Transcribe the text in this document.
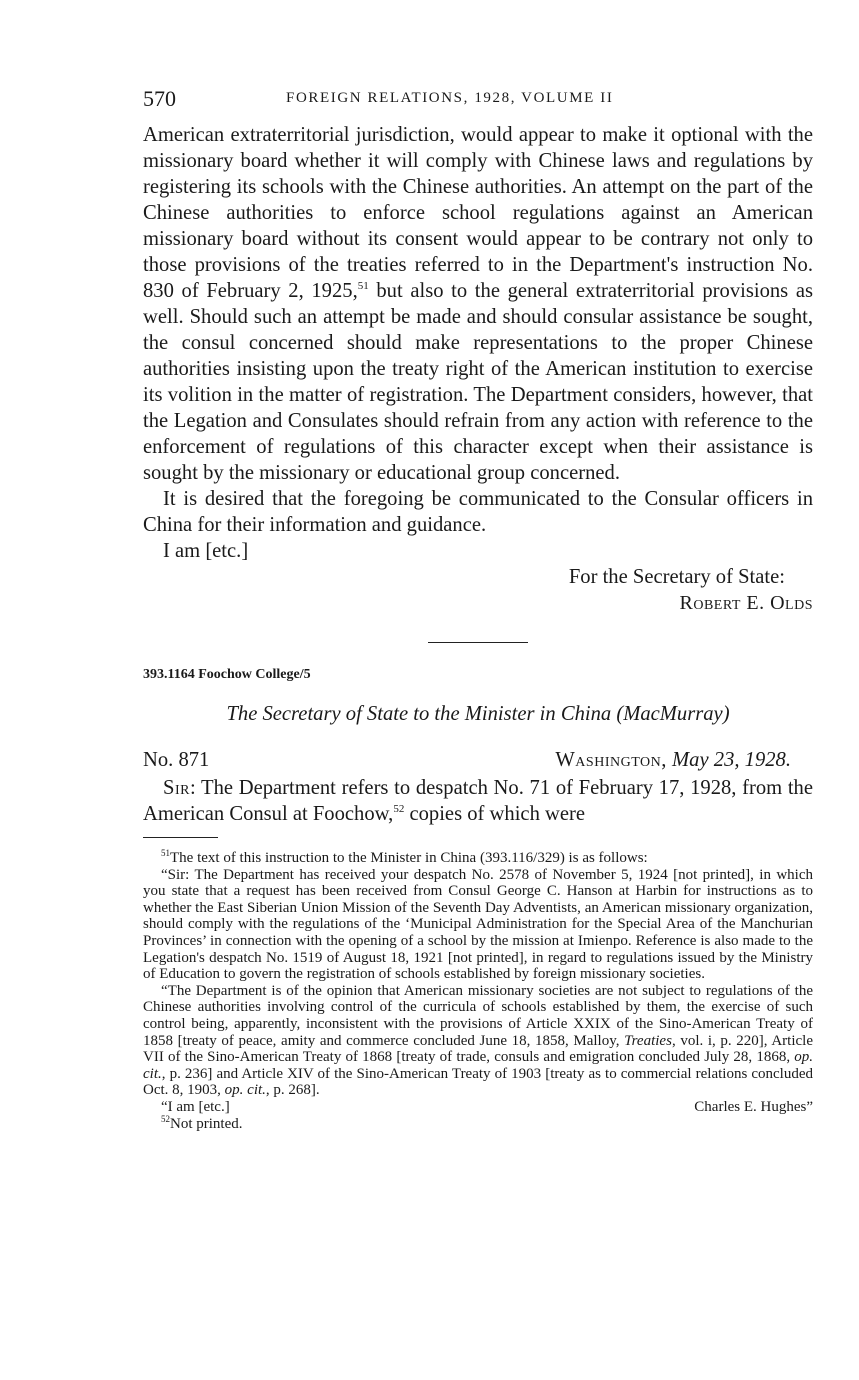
570	FOREIGN RELATIONS, 1928, VOLUME II

American extraterritorial jurisdiction, would appear to make it optional with the missionary board whether it will comply with Chinese laws and regulations by registering its schools with the Chinese authorities. An attempt on the part of the Chinese authorities to enforce school regulations against an American missionary board without its consent would appear to be contrary not only to those provisions of the treaties referred to in the Department's instruction No. 830 of February 2, 1925,51 but also to the general extraterritorial provisions as well. Should such an attempt be made and should consular assistance be sought, the consul concerned should make representations to the proper Chinese authorities insisting upon the treaty right of the American institution to exercise its volition in the matter of registration. The Department considers, however, that the Legation and Consulates should refrain from any action with reference to the enforcement of regulations of this character except when their assistance is sought by the missionary or educational group concerned.

It is desired that the foregoing be communicated to the Consular officers in China for their information and guidance.

I am [etc.]

For the Secretary of State:
Robert E. Olds

393.1164 Foochow College/5

The Secretary of State to the Minister in China (MacMurray)

No. 871	Washington, May 23, 1928.

Sir: The Department refers to despatch No. 71 of February 17, 1928, from the American Consul at Foochow,$^{52}$ copies of which were

$^{51}$The text of this instruction to the Minister in China (393.116/329) is as follows:

“Sir: The Department has received your despatch No. 2578 of November 5, 1924 [not printed], in which you state that a request has been received from Consul George C. Hanson at Harbin for instructions as to whether the East Siberian Union Mission of the Seventh Day Adventists, an American missionary organization, should comply with the regulations of the ‘Municipal Administration for the Special Area of the Manchurian Provinces’ in connection with the opening of a school by the mission at Imienpo. Reference is also made to the Legation's despatch No. 1519 of August 18, 1921 [not printed], in regard to regulations issued by the Ministry of Education to govern the registration of schools established by foreign missionary societies.

“The Department is of the opinion that American missionary societies are not subject to regulations of the Chinese authorities involving control of the curricula of schools established by them, the exercise of such control being, apparently, inconsistent with the provisions of Article XXIX of the Sino-American Treaty of 1858 [treaty of peace, amity and commerce concluded June 18, 1858, Malloy, Treaties, vol. i, p. 220], Article VII of the Sino-American Treaty of 1868 [treaty of trade, consuls and emigration concluded July 28, 1868, op. cit., p. 236] and Article XIV of the Sino-American Treaty of 1903 [treaty as to commercial relations concluded Oct. 8, 1903, op. cit., p. 268].

“I am [etc.]	Charles E. Hughes”

$^{52}$Not printed.
